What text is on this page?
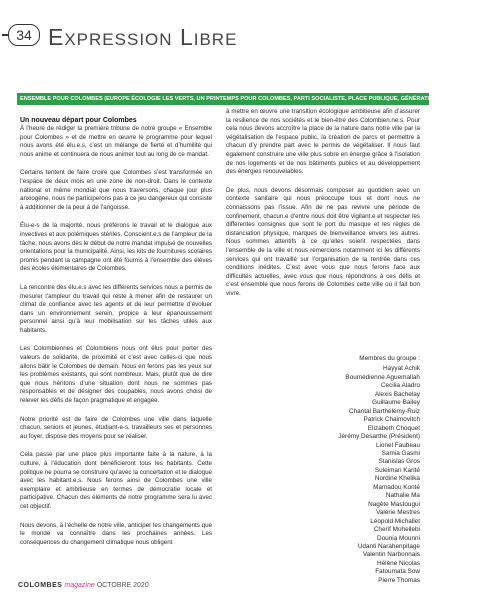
34 EXPRESSION LIBRE
ENSEMBLE POUR COLOMBES (EUROPE ÉCOLOGIE LES VERTS, UN PRINTEMPS POUR COLOMBES, PARTI SOCIALISTE, PLACE PUBLIQUE, GÉNÉRATION ÉCOLOGIE, CITOYENS)
Un nouveau départ pour Colombes

À l’heure de rédiger la première tribune de notre groupe « Ensemble pour Colombes » et de mettre en œuvre le programme pour lequel nous avons été élu.e.s, c’est un mélange de fierté et d’humilité qui nous anime et continuera de nous animer tout au long de ce mandat.

Certains tentent de faire croire que Colombes s’est transformée en l’espace de deux mois en une zone de non-droit. Dans le contexte national et même mondial que nous traversons, chaque jour plus anxiogène, nous ne participerons pas à ce jeu dangereux qui consiste à additionner de la peur à de l’angoisse.

Élu-e-s de la majorité, nous préférons le travail et le dialogue aux invectives et aux polémiques stériles. Conscient.e.s de l’ampleur de la tâche, nous avons dès le début de notre mandat impulsé de nouvelles orientations pour la municipalité. Ainsi, les kits de fournitures scolaires promis pendant la campagne ont été fournis à l’ensemble des élèves des écoles élémentaires de Colombes.

La rencontre des élu.e.s avec les différents services nous a permis de mesurer l’ampleur du travail qui reste à mener afin de restaurer un climat de confiance avec les agents et de leur permettre d’évoluer dans un environnement serein, propice à leur épanouissement personnel ainsi qu’à leur mobilisation sur les tâches utiles aux habitants.

Les Colombiennes et Colombiens nous ont élus pour porter des valeurs de solidarité, de proximité et c’est avec celles-ci que nous allons bâtir le Colombes de demain. Nous en ferons pas les yeux sur les problèmes existants, qui sont nombreux. Mais, plutôt que de dire que nous héritons d’une situation dont nous ne sommes pas responsables et de désigner des coupables, nous avons choisi de relever les défis de façon pragmatique et engagée.

Notre priorité est de faire de Colombes une ville dans laquelle chacun, seniors et jeunes, étudiant-e-s, travailleurs ses et personnes au foyer, dispose des moyens pour se réaliser.

Cela passe par une place plus importante faite à la nature, à la culture, à l’éducation dont bénéficieront tous les habitants. Cette politique ne pourra se construire qu’avec la concertation et le dialogue avec les habitant.e.s. Nous ferons ainsi de Colombes une ville exemplaire et ambitieuse en termes de démocratie locale et participative. Chacun des éléments de notre programme sera lu avec cet objectif.

Nous devons, à l’échelle de notre ville, anticiper les changements que le monde va connaître dans les prochaines années. Les conséquences du changement climatique nous obligent

à mettre en œuvre une transition écologique ambitieuse afin d’assurer la résilience de nos sociétés et le bien-être des Colombien.ne.s. Pour cela nous devons accroître la place de la nature dans notre ville par la végétalisation de l’espace public, la création de parcs et permettre à chacun d’y prendre part avec le permis de végétaliser. Il nous faut également construire une ville plus sobre en énergie grâce à l’isolation de nos logements et de nos bâtiments publics et au développement des énergies renouvelables.

De plus, nous devons désormais composer au quotidien avec un contexte sanitaire qui nous préoccupe tous et dont nous ne connaissons pas l’issue. Afin de ne pas revivre une période de confinement, chacun.e d’entre nous doit être vigilant.e et respecter les différentes consignes que sont le port du masque et les règles de distanciation physique, marques de bienveillance envers les autres. Nous sommes attentifs à ce qu’elles soient respectées dans l’ensemble de la ville et nous remercions notamment ici les différents services qui ont travaillé sur l’organisation de la rentrée dans ces conditions inédites. C’est avec vous que nous ferons face aux difficultés actuelles, avec vous que nous répondrons à ces défis et c’est ensemble que nous ferons de Colombes cette ville où il fait bon vivre.

Membres du groupe :
Hayyat Achik
Boumédienne Aguemallah
Cecilia Aladro
Alexis Bachelay
Guillaume Bailey
Chantal Barthélémy-Ruiz
Patrick Chaimovitch
Elizabeth Choquet
Jérémy Desarthe (Président)
Lionel Faubeau
Samia Gasmi
Stanislas Gros
Suleiman Karité
Nordine Khelika
Mamadou Konté
Nathalie Ma
Nagète Mastougui
Valérie Mestres
Léopold Michallet
Cherif Mohellebi
Dounia Mounni
Udanti Narahenpitage
Valentin Narbonnais
Hélène Nicolas
Fatoumata Sow
Pierre Thomas
COLOMBES magazine OCTOBRE 2020
